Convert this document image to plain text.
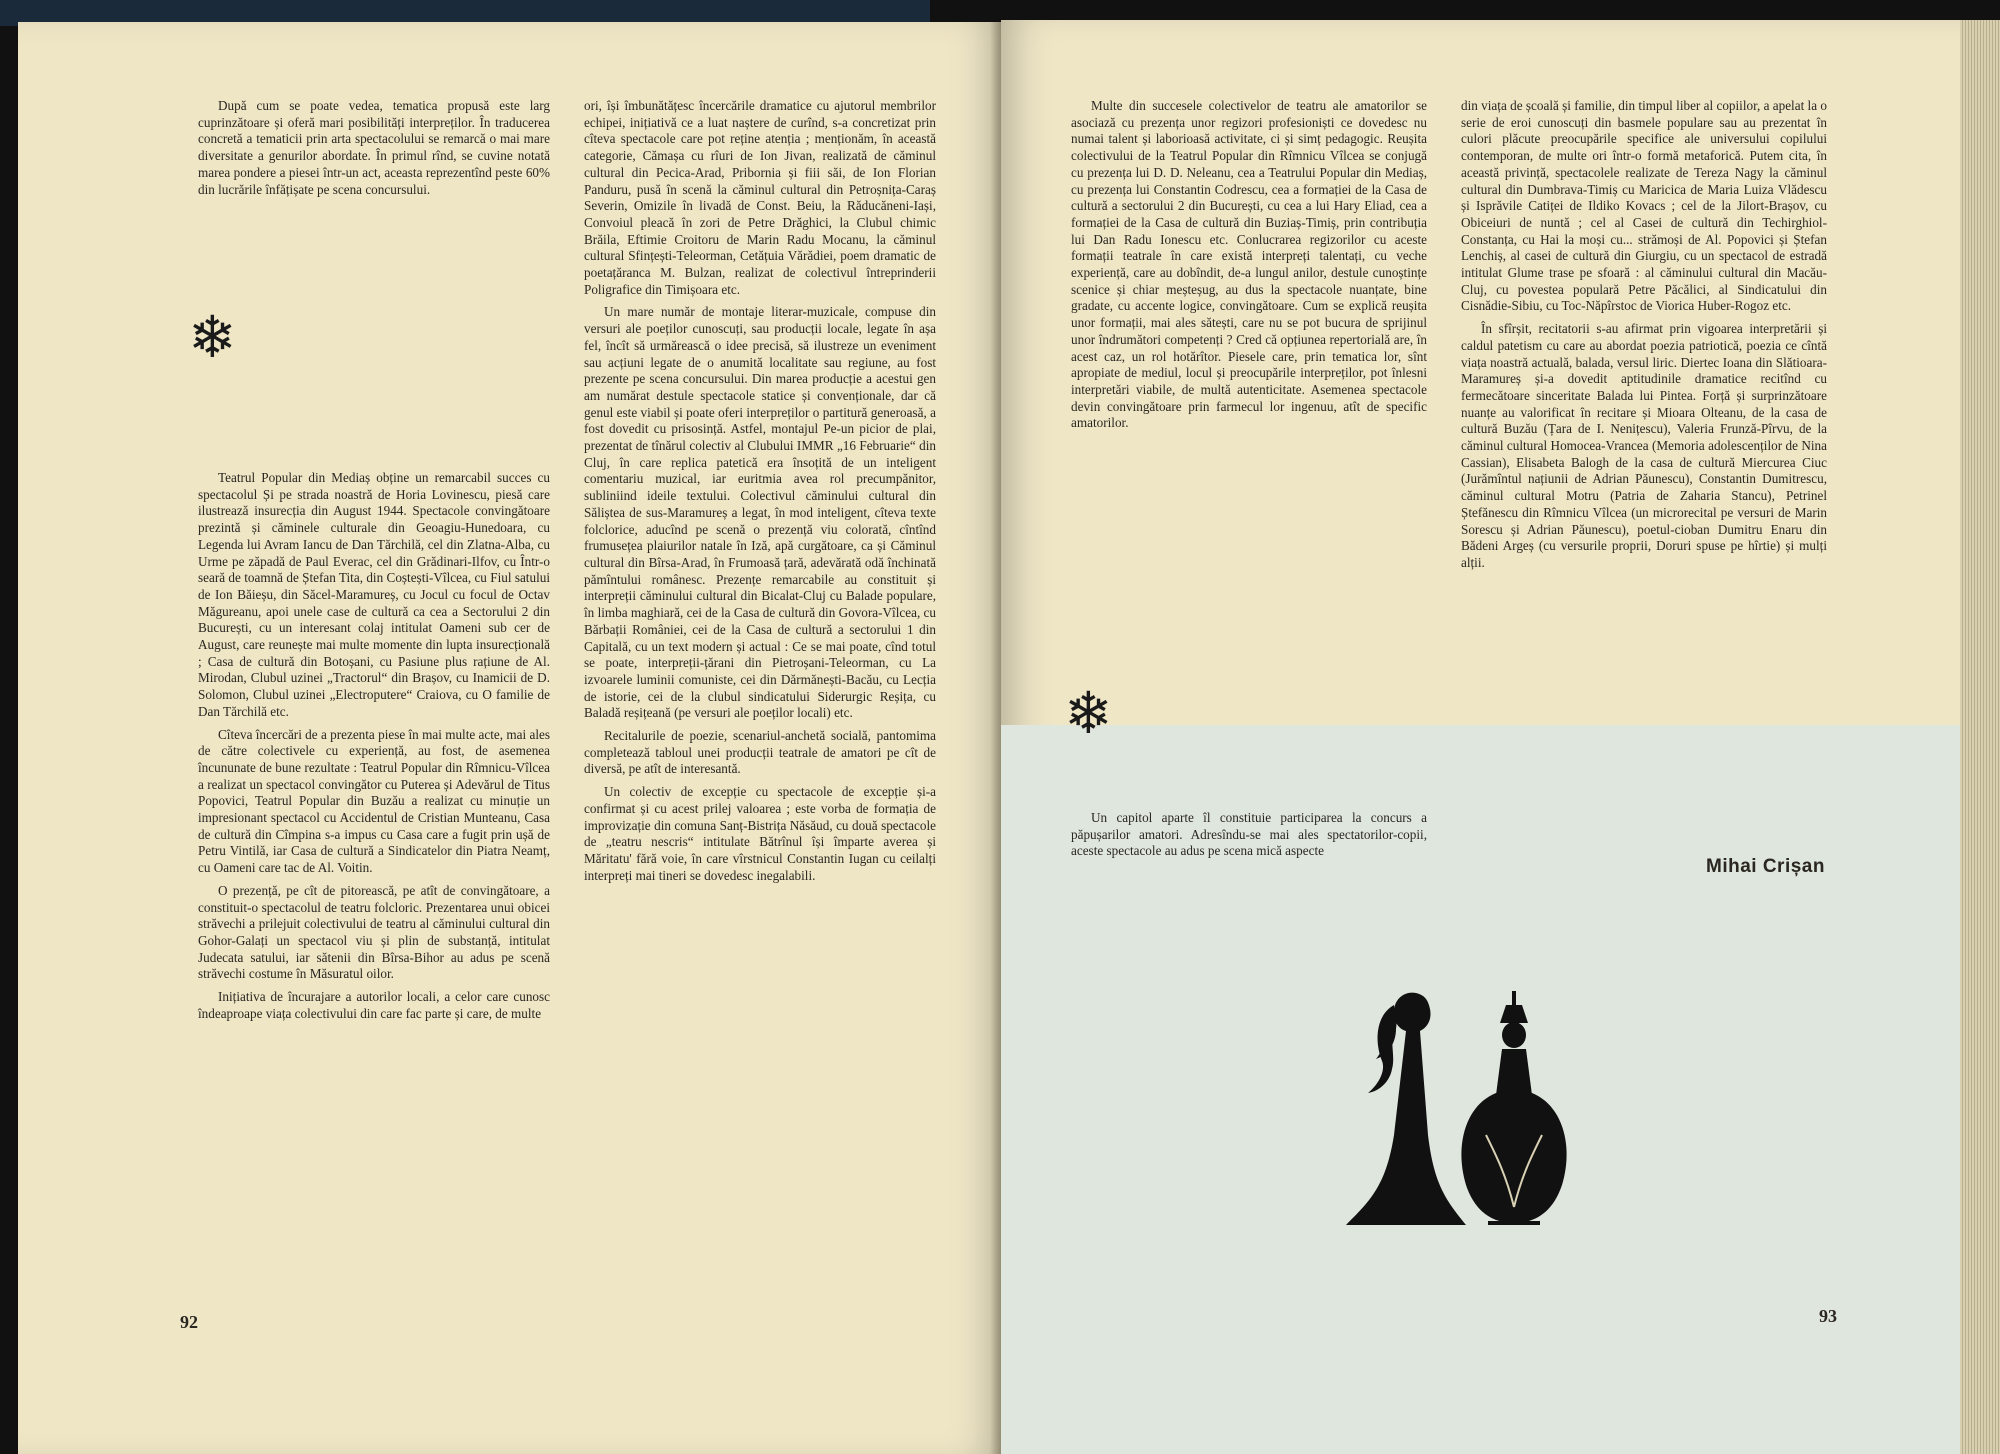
După cum se poate vedea, tematica propusă este larg cuprinzătoare și oferă mari posibilități interpreților. În traducerea concretă a tematicii prin arta spectacolului se remarcă o mai mare diversitate a genurilor abordate. În primul rînd, se cuvine notată marea pondere a piesei într-un act, aceasta reprezentînd peste 60% din lucrările înfățișate pe scena concursului.

❄

Teatrul Popular din Mediaș obține un remarcabil succes cu spectacolul Și pe strada noastră de Horia Lovinescu, piesă care ilustrează insurecția din August 1944. Spectacole convingătoare prezintă și căminele culturale din Geoagiu-Hunedoara, cu Legenda lui Avram Iancu de Dan Tărchilă, cel din Zlatna-Alba, cu Urme pe zăpadă de Paul Everac, cel din Grădinari-Ilfov, cu Într-o seară de toamnă de Ștefan Tita, din Coștești-Vîlcea, cu Fiul satului de Ion Băieșu, din Săcel-Maramureș, cu Jocul cu focul de Octav Măgureanu, apoi unele case de cultură ca cea a Sectorului 2 din București, cu un interesant colaj intitulat Oameni sub cer de August, care reunește mai multe momente din lupta insurecțională ; Casa de cultură din Botoșani, cu Pasiune plus rațiune de Al. Mirodan, Clubul uzinei „Tractorul“ din Brașov, cu Inamicii de D. Solomon, Clubul uzinei „Electroputere“ Craiova, cu O familie de Dan Tărchilă etc.

Cîteva încercări de a prezenta piese în mai multe acte, mai ales de către colectivele cu experiență, au fost, de asemenea încununate de bune rezultate : Teatrul Popular din Rîmnicu-Vîlcea a realizat un spectacol convingător cu Puterea și Adevărul de Titus Popovici, Teatrul Popular din Buzău a realizat cu minuție un impresionant spectacol cu Accidentul de Cristian Munteanu, Casa de cultură din Cîmpina s-a impus cu Casa care a fugit prin ușă de Petru Vintilă, iar Casa de cultură a Sindicatelor din Piatra Neamț, cu Oameni care tac de Al. Voitin.

O prezență, pe cît de pitorească, pe atît de convingătoare, a constituit-o spectacolul de teatru folcloric. Prezentarea unui obicei străvechi a prilejuit colectivului de teatru al căminului cultural din Gohor-Galați un spectacol viu și plin de substanță, intitulat Judecata satului, iar sătenii din Bîrsa-Bihor au adus pe scenă străvechi costume în Măsuratul oilor.

Inițiativa de încurajare a autorilor locali, a celor care cunosc îndeaproape viața colectivului din care fac parte și care, de multe

ori, își îmbunătățesc încercările dramatice cu ajutorul membrilor echipei, inițiativă ce a luat naștere de curînd, s-a concretizat prin cîteva spectacole care pot reține atenția ; menționăm, în această categorie, Cămașa cu rîuri de Ion Jivan, realizată de căminul cultural din Pecica-Arad, Pribornia și fiii săi, de Ion Florian Panduru, pusă în scenă la căminul cultural din Petroșnița-Caraș Severin, Omizile în livadă de Const. Beiu, la Răducăneni-Iași, Convoiul pleacă în zori de Petre Drăghici, la Clubul chimic Brăila, Eftimie Croitoru de Marin Radu Mocanu, la căminul cultural Sfințești-Teleorman, Cetățuia Vărădiei, poem dramatic de poetațăranca M. Bulzan, realizat de colectivul întreprinderii Poligrafice din Timișoara etc.

Un mare număr de montaje literar-muzicale, compuse din versuri ale poeților cunoscuți, sau producții locale, legate în așa fel, încît să urmărească o idee precisă, să ilustreze un eveniment sau acțiuni legate de o anumită localitate sau regiune, au fost prezente pe scena concursului. Din marea producție a acestui gen am numărat destule spectacole statice și convenționale, dar că genul este viabil și poate oferi interpreților o partitură generoasă, a fost dovedit cu prisosință. Astfel, montajul Pe-un picior de plai, prezentat de tînărul colectiv al Clubului IMMR „16 Februarie“ din Cluj, în care replica patetică era însoțită de un inteligent comentariu muzical, iar euritmia avea rol precumpănitor, subliniind ideile textului. Colectivul căminului cultural din Săliștea de sus-Maramureș a legat, în mod inteligent, cîteva texte folclorice, aducînd pe scenă o prezență viu colorată, cîntînd frumusețea plaiurilor natale în Iză, apă curgătoare, ca și Căminul cultural din Bîrsa-Arad, în Frumoasă țară, adevărată odă închinată pămîntului românesc. Prezențe remarcabile au constituit și interpreții căminului cultural din Bicalat-Cluj cu Balade populare, în limba maghiară, cei de la Casa de cultură din Govora-Vîlcea, cu Bărbații României, cei de la Casa de cultură a sectorului 1 din Capitală, cu un text modern și actual : Ce se mai poate, cînd totul se poate, interpreții-țărani din Pietroșani-Teleorman, cu La izvoarele luminii comuniste, cei din Dărmănești-Bacău, cu Lecția de istorie, cei de la clubul sindicatului Siderurgic Reșița, cu Baladă reșițeană (pe versuri ale poeților locali) etc.

Recitalurile de poezie, scenariul-anchetă socială, pantomima completează tabloul unei producții teatrale de amatori pe cît de diversă, pe atît de interesantă.

Un colectiv de excepție cu spectacole de excepție și-a confirmat și cu acest prilej valoarea ; este vorba de formația de improvizație din comuna Sanț-Bistrița Năsăud, cu două spectacole de „teatru nescris“ intitulate Bătrînul își împarte averea și Măritatu' fără voie, în care vîrstnicul Constantin Iugan cu ceilalți interpreți mai tineri se dovedesc inegalabili.

92

Multe din succesele colectivelor de teatru ale amatorilor se asociază cu prezența unor regizori profesioniști ce dovedesc nu numai talent și laborioasă activitate, ci și simț pedagogic. Reușita colectivului de la Teatrul Popular din Rîmnicu Vîlcea se conjugă cu prezența lui D. D. Neleanu, cea a Teatrului Popular din Mediaș, cu prezența lui Constantin Codrescu, cea a formației de la Casa de cultură a sectorului 2 din București, cu cea a lui Hary Eliad, cea a formației de la Casa de cultură din Buziaș-Timiș, prin contribuția lui Dan Radu Ionescu etc. Conlucrarea regizorilor cu aceste formații teatrale în care există interpreți talentați, cu veche experiență, care au dobîndit, de-a lungul anilor, destule cunoștințe scenice și chiar meșteșug, au dus la spectacole nuanțate, bine gradate, cu accente logice, convingătoare. Cum se explică reușita unor formații, mai ales sătești, care nu se pot bucura de sprijinul unor îndrumători competenți ? Cred că opțiunea repertorială are, în acest caz, un rol hotărîtor. Piesele care, prin tematica lor, sînt apropiate de mediul, locul și preocupările interpreților, pot înlesni interpretări viabile, de multă autenticitate. Asemenea spectacole devin convingătoare prin farmecul lor ingenuu, atît de specific amatorilor.

❄

Un capitol aparte îl constituie participarea la concurs a păpușarilor amatori. Adresîndu-se mai ales spectatorilor-copii, aceste spectacole au adus pe scena mică aspecte

din viața de școală și familie, din timpul liber al copiilor, a apelat la o serie de eroi cunoscuți din basmele populare sau au prezentat în culori plăcute preocupările specifice ale universului copilului contemporan, de multe ori într-o formă metaforică. Putem cita, în această privință, spectacolele realizate de Tereza Nagy la căminul cultural din Dumbrava-Timiș cu Maricica de Maria Luiza Vlădescu și Isprăvile Catiței de Ildiko Kovacs ; cel de la Jilort-Brașov, cu Obiceiuri de nuntă ; cel al Casei de cultură din Techirghiol-Constanța, cu Hai la moși cu... strămoși de Al. Popovici și Ștefan Lenchiș, al casei de cultură din Giurgiu, cu un spectacol de estradă intitulat Glume trase pe sfoară : al căminului cultural din Macău-Cluj, cu povestea populară Petre Păcălici, al Sindicatului din Cisnădie-Sibiu, cu Toc-Năpîrstoc de Viorica Huber-Rogoz etc.

În sfîrșit, recitatorii s-au afirmat prin vigoarea interpretării și caldul patetism cu care au abordat poezia patriotică, poezia ce cîntă viața noastră actuală, balada, versul liric. Diertec Ioana din Slătioara-Maramureș și-a dovedit aptitudinile dramatice recitînd cu fermecătoare sinceritate Balada lui Pintea. Forță și surprinzătoare nuanțe au valorificat în recitare și Mioara Olteanu, de la casa de cultură Buzău (Țara de I. Nenițescu), Valeria Frunză-Pîrvu, de la căminul cultural Homocea-Vrancea (Memoria adolescenților de Nina Cassian), Elisabeta Balogh de la casa de cultură Miercurea Ciuc (Jurămîntul națiunii de Adrian Păunescu), Constantin Dumitrescu, căminul cultural Motru (Patria de Zaharia Stancu), Petrinel Ștefănescu din Rîmnicu Vîlcea (un microrecital pe versuri de Marin Sorescu și Adrian Păunescu), poetul-cioban Dumitru Enaru din Bădeni Argeș (cu versurile proprii, Doruri spuse pe hîrtie) și mulți alții.

Mihai Crișan
93
